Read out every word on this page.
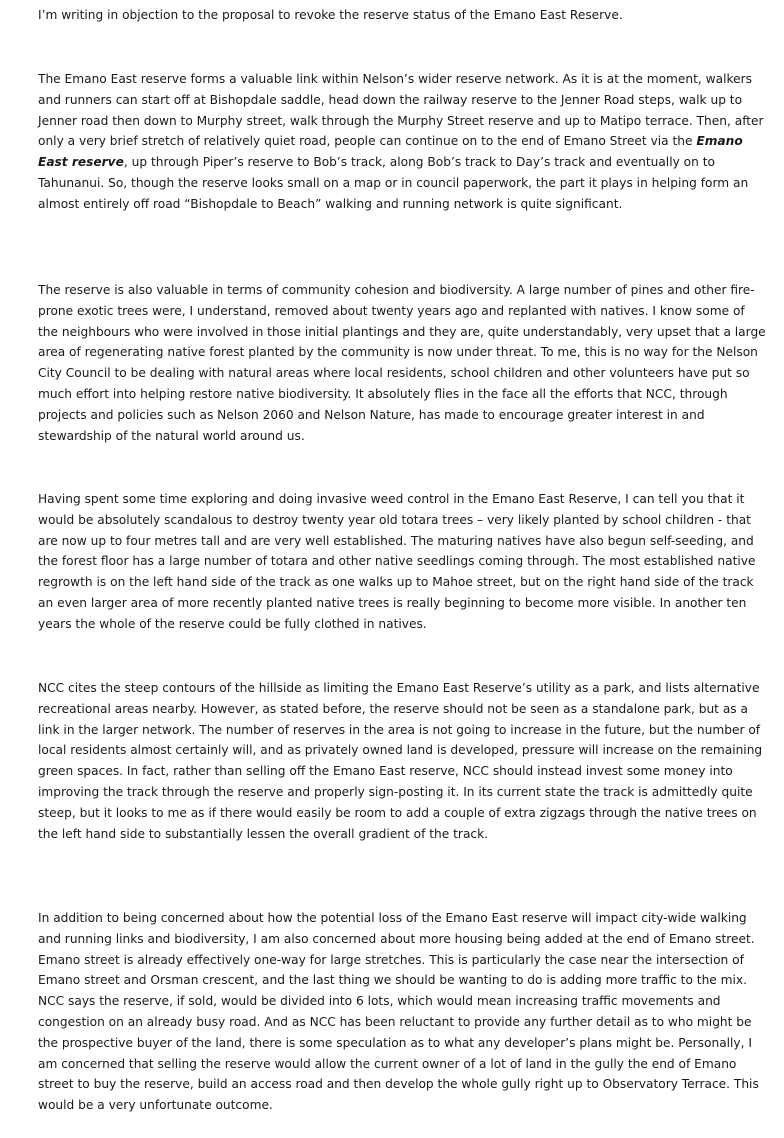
I’m writing in objection to the proposal to revoke the reserve status of the Emano East Reserve.

The Emano East reserve forms a valuable link within Nelson’s wider reserve network. As it is at the moment, walkers and runners can start off at Bishopdale saddle, head down the railway reserve to the Jenner Road steps, walk up to Jenner road then down to Murphy street, walk through the Murphy Street reserve and up to Matipo terrace. Then, after only a very brief stretch of relatively quiet road, people can continue on to the end of Emano Street via the Emano East reserve, up through Piper’s reserve to Bob’s track, along Bob’s track to Day’s track and eventually on to Tahunanui. So, though the reserve looks small on a map or in council paperwork, the part it plays in helping form an almost entirely off road “Bishopdale to Beach” walking and running network is quite significant.

The reserve is also valuable in terms of community cohesion and biodiversity. A large number of pines and other fire-prone exotic trees were, I understand, removed about twenty years ago and replanted with natives. I know some of the neighbours who were involved in those initial plantings and they are, quite understandably, very upset that a large area of regenerating native forest planted by the community is now under threat. To me, this is no way for the Nelson City Council to be dealing with natural areas where local residents, school children and other volunteers have put so much effort into helping restore native biodiversity. It absolutely flies in the face all the efforts that NCC, through projects and policies such as Nelson 2060 and Nelson Nature, has made to encourage greater interest in and stewardship of the natural world around us.

Having spent some time exploring and doing invasive weed control in the Emano East Reserve, I can tell you that it would be absolutely scandalous to destroy twenty year old totara trees – very likely planted by school children - that are now up to four metres tall and are very well established. The maturing natives have also begun self-seeding, and the forest floor has a large number of totara and other native seedlings coming through. The most established native regrowth is on the left hand side of the track as one walks up to Mahoe street, but on the right hand side of the track an even larger area of more recently planted native trees is really beginning to become more visible. In another ten years the whole of the reserve could be fully clothed in natives.

NCC cites the steep contours of the hillside as limiting the Emano East Reserve’s utility as a park, and lists alternative recreational areas nearby. However, as stated before, the reserve should not be seen as a standalone park, but as a link in the larger network. The number of reserves in the area is not going to increase in the future, but the number of local residents almost certainly will, and as privately owned land is developed, pressure will increase on the remaining green spaces. In fact, rather than selling off the Emano East reserve, NCC should instead invest some money into improving the track through the reserve and properly sign-posting it. In its current state the track is admittedly quite steep, but it looks to me as if there would easily be room to add a couple of extra zigzags through the native trees on the left hand side to substantially lessen the overall gradient of the track.

In addition to being concerned about how the potential loss of the Emano East reserve will impact city-wide walking and running links and biodiversity, I am also concerned about more housing being added at the end of Emano street. Emano street is already effectively one-way for large stretches. This is particularly the case near the intersection of Emano street and Orsman crescent, and the last thing we should be wanting to do is adding more traffic to the mix. NCC says the reserve, if sold, would be divided into 6 lots, which would mean increasing traffic movements and congestion on an already busy road. And as NCC has been reluctant to provide any further detail as to who might be the prospective buyer of the land, there is some speculation as to what any developer’s plans might be. Personally, I am concerned that selling the reserve would allow the current owner of a lot of land in the gully the end of Emano street to buy the reserve, build an access road and then develop the whole gully right up to Observatory Terrace. This would be a very unfortunate outcome.
